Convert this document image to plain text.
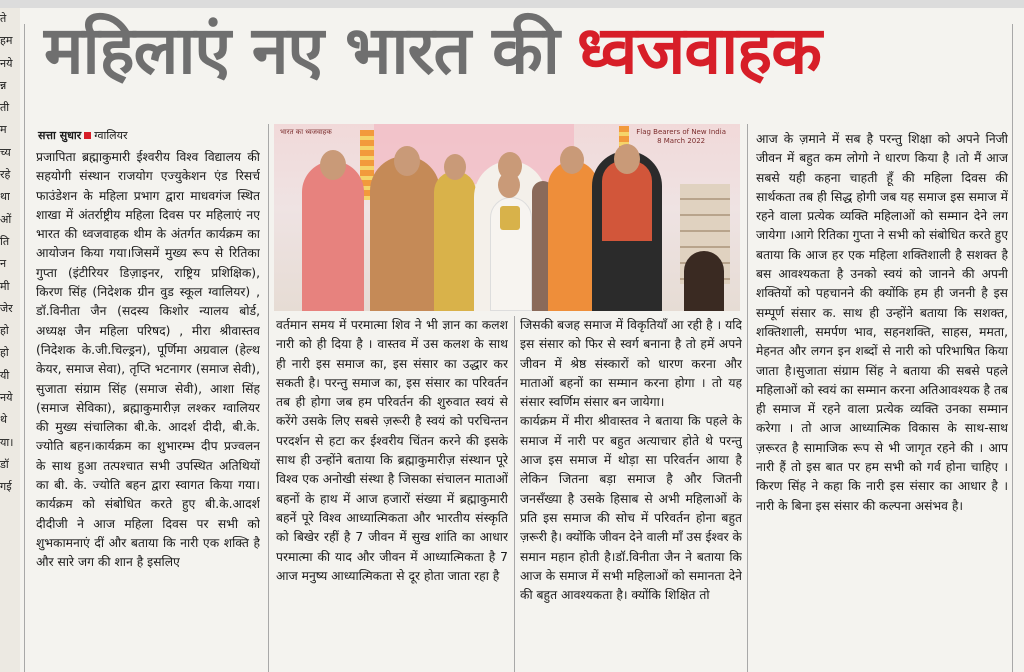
ते
हम
नये
न्न
ती
म
च्य
रहे
था
ओं
ति
न
मी
जेर
हो
हो
यी
नये
थे
या।
डॉ
गई
महिलाएं नए भारत की ध्वजवाहक
सत्ता सुधार ग्वालियर
प्रजापिता ब्रह्माकुमारी ईश्वरीय विश्व विद्यालय की सहयोगी संस्थान राजयोग एज्युकेशन एंड रिसर्च फाउंडेशन के महिला प्रभाग द्वारा माधवगंज स्थित शाखा में अंतर्राष्ट्रीय महिला दिवस पर महिलाएं नए भारत की ध्वजवाहक थीम के अंतर्गत कार्यक्रम का आयोजन किया गया।जिसमें मुख्य रूप से रितिका गुप्ता (इंटीरियर डिज़ाइनर, राष्ट्रिय प्रशिक्षिक), किरण सिंह (निदेशक ग्रीन वुड स्कूल ग्वालियर) , डॉ.विनीता जैन (सदस्य किशोर न्यालय बोर्ड, अध्यक्ष जैन महिला परिषद) , मीरा श्रीवास्तव (निदेशक के.जी.चिल्ड्रन), पूर्णिमा अग्रवाल (हेल्थ केयर, समाज सेवा), तृप्ति भटनागर (समाज सेवी), सुजाता संग्राम सिंह (समाज सेवी), आशा सिंह (समाज सेविका), ब्रह्माकुमारीज़ लश्कर ग्वालियर की मुख्य संचालिका बी.के. आदर्श दीदी, बी.के. ज्योति बहन।कार्यक्रम का शुभारम्भ दीप प्रज्वलन के साथ हुआ तत्पश्चात सभी उपस्थित अतिथियों का बी. के. ज्योति बहन द्वारा स्वागत किया गया।कार्यक्रम को संबोधित करते हुए बी.के.आदर्श दीदीजी ने आज महिला दिवस पर सभी को शुभकामनाएं दीं और बताया कि नारी एक शक्ति है और सारे जग की शान है इसलिए
भारत का ध्वजवाहक	Flag Bearers of New India
8 March 2022
वर्तमान समय में परमात्मा शिव ने भी ज्ञान का कलश नारी को ही दिया है । वास्तव में उस कलश के साथ ही नारी इस समाज का, इस संसार का उद्धार कर सकती है। परन्तु समाज का, इस संसार का परिवर्तन तब ही होगा जब हम परिवर्तन की शुरुवात स्वयं से करेंगे उसके लिए सबसे ज़रूरी है स्वयं को परचिन्तन परदर्शन से हटा कर ईश्वरीय चिंतन करने की इसके साथ ही उन्होंने बताया कि ब्रह्माकुमारीज़ संस्थान पूरे विश्व एक अनोखी संस्था है जिसका संचालन माताओं बहनों के हाथ में आज हजारों संख्या में ब्रह्माकुमारी बहनें पूरे विश्व आध्यात्मिकता और भारतीय संस्कृति को बिखेर रहीं है 7 जीवन में सुख शांति का आधार परमात्मा की याद और जीवन में आध्यात्मिकता है 7 आज मनुष्य आध्यात्मिकता से दूर होता जाता रहा है
जिसकी बजह समाज में विकृतियाँ आ रही है । यदि इस संसार को फिर से स्वर्ग बनाना है तो हमें अपने जीवन में श्रेष्ठ संस्कारों को धारण करना और माताओं बहनों का सम्मान करना होगा । तो यह संसार स्वर्णिम संसार बन जायेगा।
कार्यक्रम में मीरा श्रीवास्तव ने बताया कि पहले के समाज में नारी पर बहुत अत्याचार होते थे परन्तु आज इस समाज में थोड़ा सा परिवर्तन आया है लेकिन जितना बड़ा समाज है और जितनी जनसँख्या है उसके हिसाब से अभी महिलाओं के प्रति इस समाज की सोच में परिवर्तन होना बहुत ज़रूरी है। क्योंकि जीवन देने वाली माँ उस ईश्वर के समान महान होती है।डॉ.विनीता जैन ने बताया कि आज के समाज में सभी महिलाओं को समानता देने की बहुत आवश्यकता है। क्योंकि शिक्षित तो
आज के ज़माने में सब है परन्तु शिक्षा को अपने निजी जीवन में बहुत कम लोगो ने धारण किया है ।तो मैं आज सबसे यही कहना चाहती हूँ की महिला दिवस की सार्थकता तब ही सिद्ध होगी जब यह समाज इस समाज में रहने वाला प्रत्येक व्यक्ति महिलाओं को सम्मान देने लग जायेगा ।आगे रितिका गुप्ता ने सभी को संबोधित करते हुए बताया कि आज हर एक महिला शक्तिशाली है सशक्त है बस आवश्यकता है उनको स्वयं को जानने की अपनी शक्तियों को पहचानने की क्योंकि हम ही जननी है इस सम्पूर्ण संसार क. साथ ही उन्होंने बताया कि सशक्त, शक्तिशाली, समर्पण भाव, सहनशक्ति, साहस, ममता, मेहनत और लगन इन शब्दों से नारी को परिभाषित किया जाता है।सुजाता संग्राम सिंह ने बताया की सबसे पहले महिलाओं को स्वयं का सम्मान करना अतिआवश्यक है तब ही समाज में रहने वाला प्रत्येक व्यक्ति उनका सम्मान करेगा । तो आज आध्यात्मिक विकास के साथ-साथ ज़रूरत है सामाजिक रूप से भी जागृत रहने की । आप नारी हैं तो इस बात पर हम सभी को गर्व होना चाहिए ।किरण सिंह ने कहा कि नारी इस संसार का आधार है ।नारी के बिना इस संसार की कल्पना असंभव है।
